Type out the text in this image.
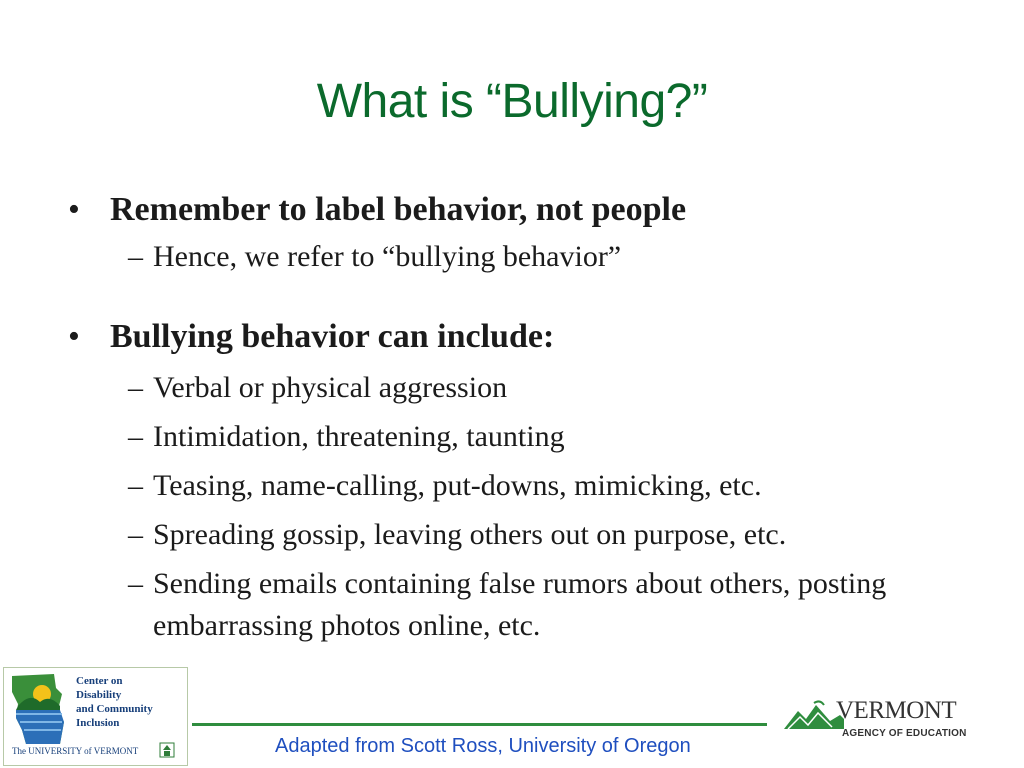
What is “Bullying?”
• Remember to label behavior, not people
– Hence, we refer to “bullying behavior”
• Bullying behavior can include:
– Verbal or physical aggression
– Intimidation, threatening, taunting
– Teasing, name-calling, put-downs, mimicking, etc.
– Spreading gossip, leaving others out on purpose, etc.
– Sending emails containing false rumors about others, posting embarrassing photos online, etc.
Center on
Disability
and Community
Inclusion
The UNIVERSITY of VERMONT	Adapted from Scott Ross, University of Oregon
VERMONT
AGENCY OF EDUCATION
